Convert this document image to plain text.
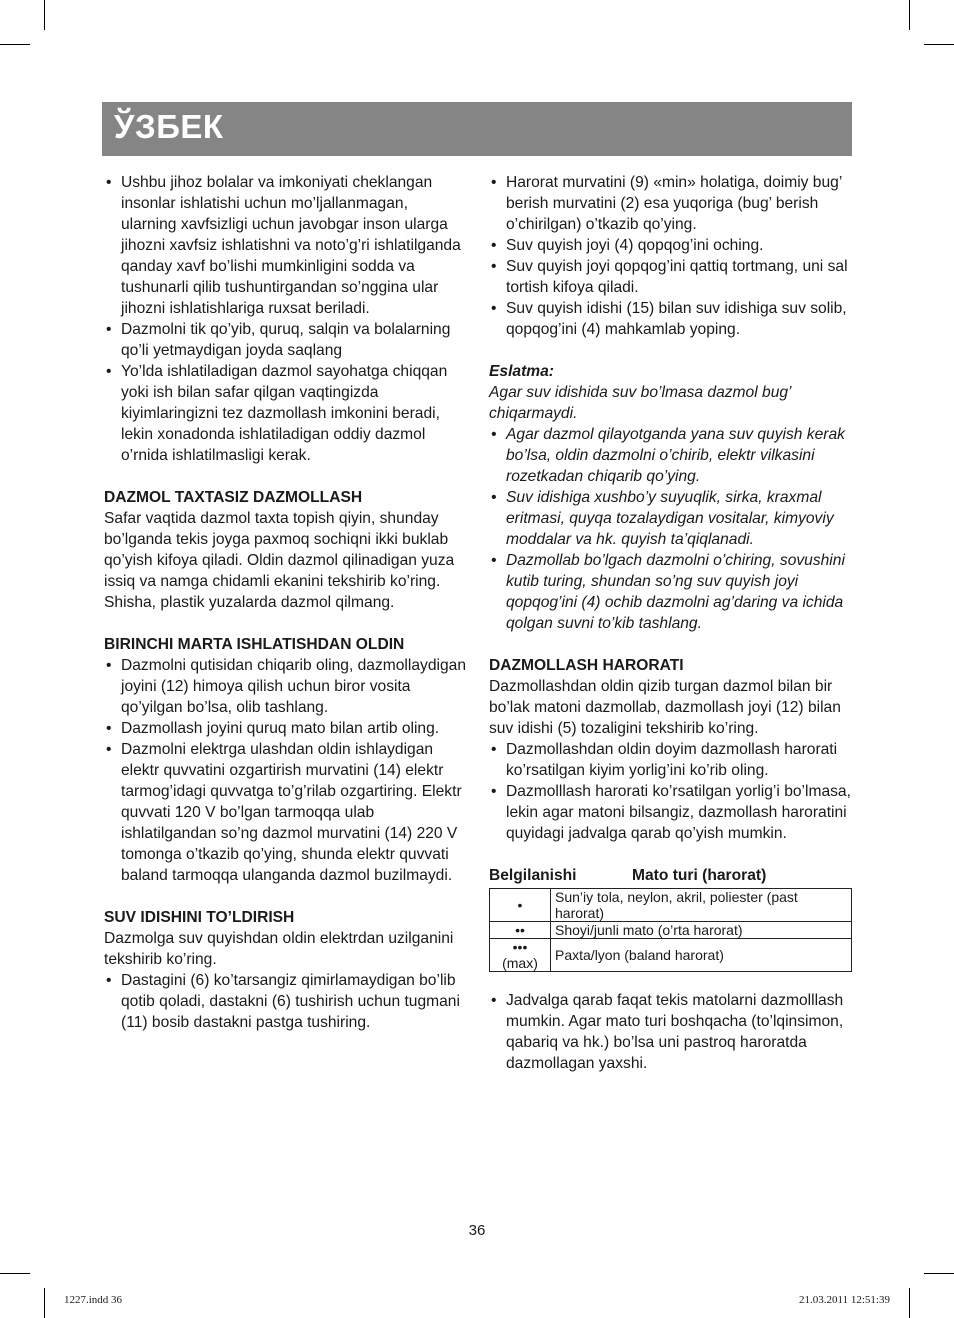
ЎЗБЕК
• Ushbu jihoz bolalar va imkoniyati cheklangan insonlar ishlatishi uchun mo’ljallanmagan, ularning xavfsizligi uchun javobgar inson ularga jihozni xavfsiz ishlatishni va noto’g’ri ishlatilganda qanday xavf bo’lishi mumkinligini sodda va tushunarli qilib tushuntirgandan so’nggina ular jihozni ishlatishlariga ruxsat beriladi.
• Dazmolni tik qo’yib, quruq, salqin va bolalarning qo’li yetmaydigan joyda saqlang
• Yo’lda ishlatiladigan dazmol sayohatga chiqqan yoki ish bilan safar qilgan vaqtingizda kiyimlaringizni tez dazmollash imkonini beradi, lekin xonadonda ishlatiladigan oddiy dazmol o’rnida ishlatilmasligi kerak.

DAZMOL TAXTASIZ DAZMOLLASH

Safar vaqtida dazmol taxta topish qiyin, shunday bo’lganda tekis joyga paxmoq sochiqni ikki buklab qo’yish kifoya qiladi. Oldin dazmol qilinadigan yuza issiq va namga chidamli ekanini tekshirib ko’ring. Shisha, plastik yuzalarda dazmol qilmang.

BIRINCHI MARTA ISHLATISHDAN OLDIN

• Dazmolni qutisidan chiqarib oling, dazmollaydigan joyini (12) himoya qilish uchun biror vosita qo’yilgan bo’lsa, olib tashlang.
• Dazmollash joyini quruq mato bilan artib oling.
• Dazmolni elektrga ulashdan oldin ishlaydigan elektr quvvatini ozgartirish murvatini (14) elektr tarmog’idagi quvvatga to’g’rilab ozgartiring. Elektr quvvati 120 V bo’lgan tarmoqqa ulab ishlatilgandan so’ng dazmol murvatini (14) 220 V tomonga o’tkazib qo’ying, shunda elektr quvvati baland tarmoqqa ulanganda dazmol buzilmaydi.

SUV IDISHINI TO’LDIRISH

Dazmolga suv quyishdan oldin elektrdan uzilganini tekshirib ko’ring.

• Dastagini (6) ko’tarsangiz qimirlamaydigan bo’lib qotib qoladi, dastakni (6) tushirish uchun tugmani (11) bosib dastakni pastga tushiring.
• Harorat murvatini (9) «min» holatiga, doimiy bug’ berish murvatini (2) esa yuqoriga (bug’ berish o’chirilgan) o’tkazib qo’ying.
• Suv quyish joyi (4) qopqog’ini oching.
• Suv quyish joyi qopqog’ini qattiq tortmang, uni sal tortish kifoya qiladi.
• Suv quyish idishi (15) bilan suv idishiga suv solib, qopqog’ini (4) mahkamlab yoping.

Eslatma:

Agar suv idishida suv bo’lmasa dazmol bug’ chiqarmaydi.

• Agar dazmol qilayotganda yana suv quyish kerak bo’lsa, oldin dazmolni o’chirib, elektr vilkasini rozetkadan chiqarib qo’ying.
• Suv idishiga xushbo’y suyuqlik, sirka, kraxmal eritmasi, quyqa tozalaydigan vositalar, kimyoviy moddalar va hk. quyish ta’qiqlanadi.
• Dazmollab bo’lgach dazmolni o’chiring, sovushini kutib turing, shundan so’ng suv quyish joyi qopqog’ini (4) ochib dazmolni ag’daring va ichida qolgan suvni to’kib tashlang.

DAZMOLLASH HARORATI

Dazmollashdan oldin qizib turgan dazmol bilan bir bo’lak matoni dazmollab, dazmollash joyi (12) bilan suv idishi (5) tozaligini tekshirib ko’ring.

• Dazmollashdan oldin doyim dazmollash harorati ko’rsatilgan kiyim yorlig’ini ko’rib oling.
• Dazmolllash harorati ko’rsatilgan yorlig’i bo’lmasa, lekin agar matoni bilsangiz, dazmollash haroratini quyidagi jadvalga qarab qo’yish mumkin.
Belgilanishi	Mato turi (harorat)
•	Sun’iy tola, neylon, akril, poliester (past harorat)
••	Shoyi/junli mato (o’rta harorat)
•••
(max)	Paxta/lyon (baland harorat)
• Jadvalga qarab faqat tekis matolarni dazmolllash mumkin. Agar mato turi boshqacha (to’lqinsimon, qabariq va hk.) bo’lsa uni pastroq haroratda dazmollagan yaxshi.
36
1227.indd 36	21.03.2011 12:51:39
